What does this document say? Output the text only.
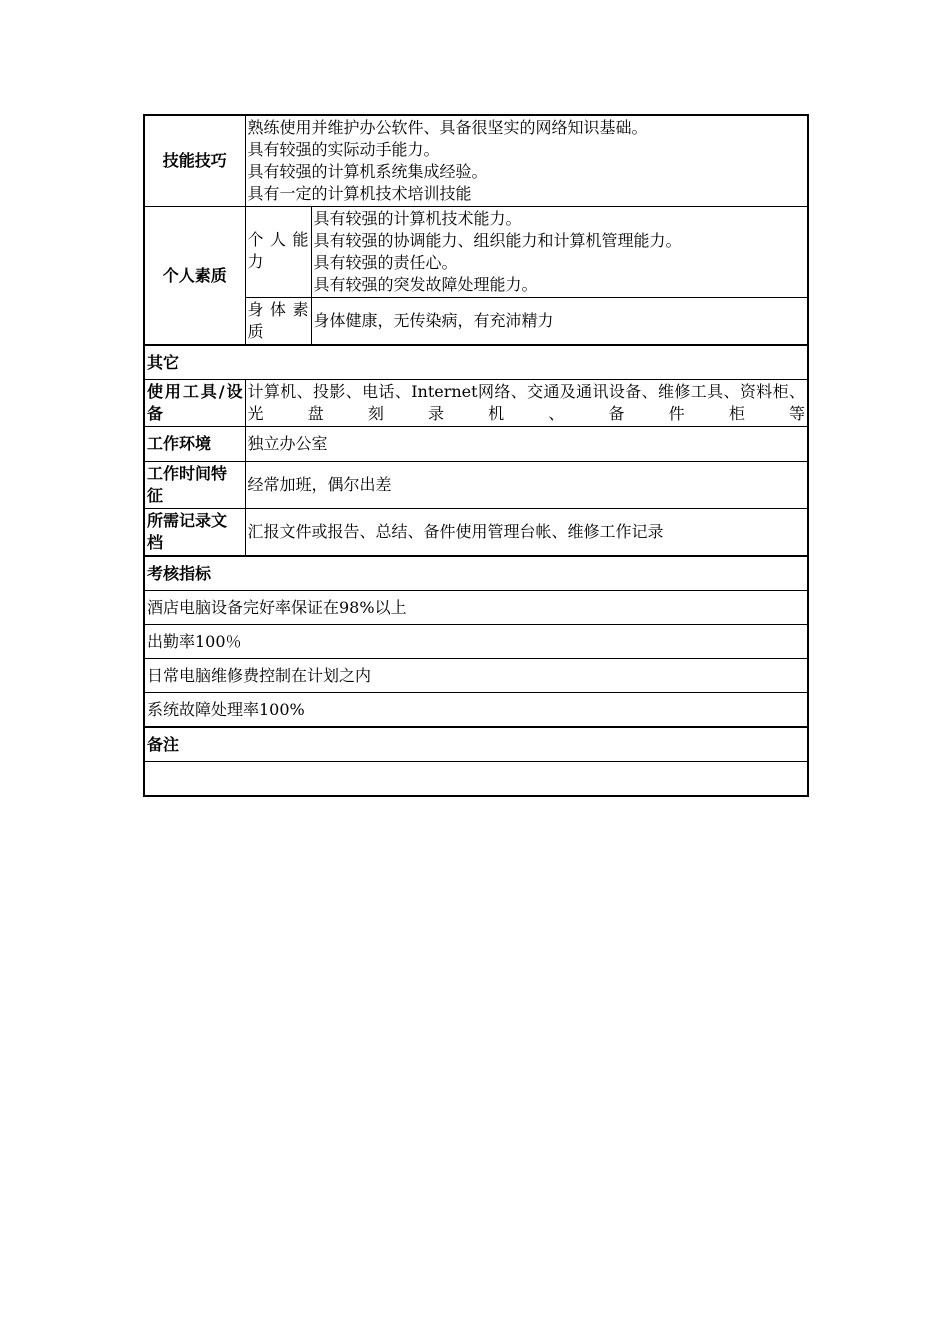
技能技巧	熟练使用并维护办公软件、具备很坚实的网络知识基础。
具有较强的实际动手能力。
具有较强的计算机系统集成经验。
具有一定的计算机技术培训技能	

个人素质	个人能力	具有较强的计算机技术能力。
具有较强的协调能力、组织能力和计算机管理能力。
具有较强的责任心。
具有较强的突发故障处理能力。

	身体素质	身体健康，无传染病，有充沛精力
其它		
使用工具/设备	计算机、投影、电话、Internet网络、交通及通讯设备、维修工具、资料柜、光盘刻录机、备件柜等	
工作环境	独立办公室	
工作时间特征	经常加班，偶尔出差	
所需记录文档	汇报文件或报告、总结、备件使用管理台帐、维修工作记录	
考核指标		
酒店电脑设备完好率保证在98%以上		
出勤率100％		
日常电脑维修费控制在计划之内		
系统故障处理率100%		
备注		
